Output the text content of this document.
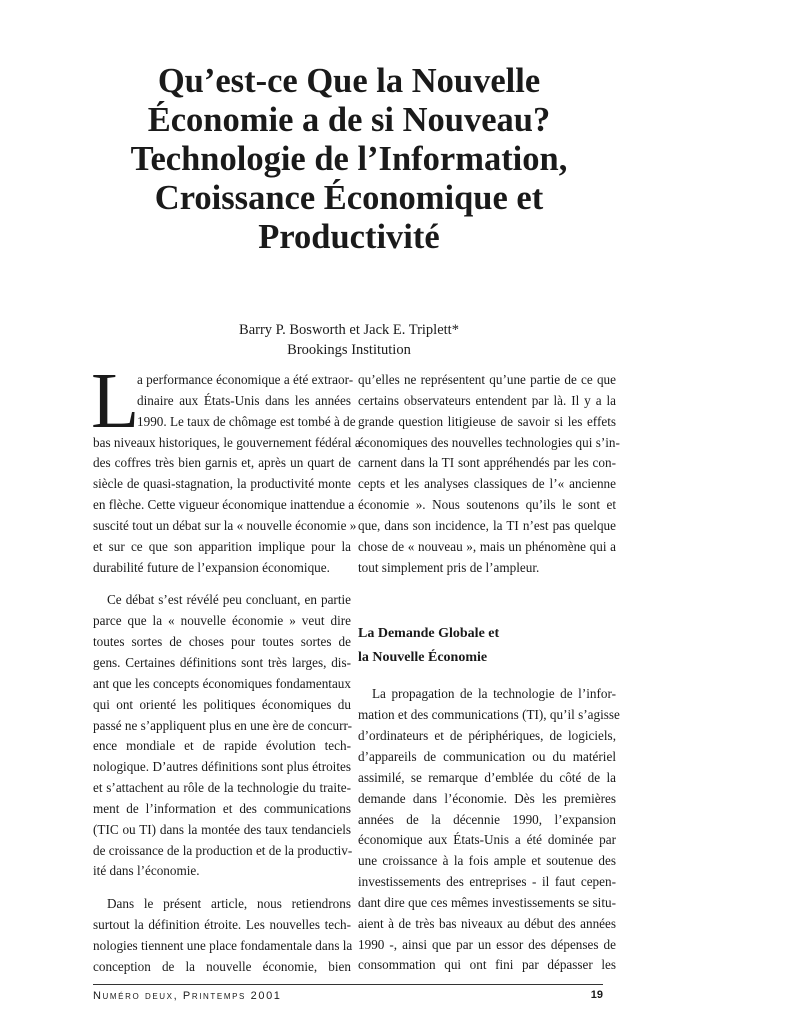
Qu’est-ce Que la Nouvelle
Économie a de si Nouveau?
Technologie de l’Information,
Croissance Économique et
Productivité
Barry P. Bosworth et Jack E. Triplett*
Brookings Institution
L
a performance économique a été extraor-
dinaire aux États-Unis dans les années
1990. Le taux de chômage est tombé à de
bas niveaux historiques, le gouvernement fédéral a
des coffres très bien garnis et, après un quart de
siècle de quasi-stagnation, la productivité monte
en flèche. Cette vigueur économique inattendue a
suscité tout un débat sur la « nouvelle économie »
et sur ce que son apparition implique pour la
durabilité future de l’expansion économique.
Ce débat s’est révélé peu concluant, en partie
parce que la « nouvelle économie » veut dire
toutes sortes de choses pour toutes sortes de
gens. Certaines définitions sont très larges, dis-
ant que les concepts économiques fondamentaux
qui ont orienté les politiques économiques du
passé ne s’appliquent plus en une ère de concurr-
ence mondiale et de rapide évolution tech-
nologique. D’autres définitions sont plus étroites
et s’attachent au rôle de la technologie du traite-
ment de l’information et des communications
(TIC ou TI) dans la montée des taux tendanciels
de croissance de la production et de la productiv-
ité dans l’économie.
Dans le présent article, nous retiendrons
surtout la définition étroite. Les nouvelles tech-
nologies tiennent une place fondamentale dans la
conception de la nouvelle économie, bien
qu’elles ne représentent qu’une partie de ce que
certains observateurs entendent par là. Il y a la
grande question litigieuse de savoir si les effets
économiques des nouvelles technologies qui s’in-
carnent dans la TI sont appréhendés par les con-
cepts et les analyses classiques de l’« ancienne
économie ». Nous soutenons qu’ils le sont et
que, dans son incidence, la TI n’est pas quelque
chose de « nouveau », mais un phénomène qui a
tout simplement pris de l’ampleur.
La Demande Globale et
la Nouvelle Économie
La propagation de la technologie de l’infor-
mation et des communications (TI), qu’il s’agisse
d’ordinateurs et de périphériques, de logiciels,
d’appareils de communication ou du matériel
assimilé, se remarque d’emblée du côté de la
demande dans l’économie. Dès les premières
années de la décennie 1990, l’expansion
économique aux États-Unis a été dominée par
une croissance à la fois ample et soutenue des
investissements des entreprises - il faut cepen-
dant dire que ces mêmes investissements se situ-
aient à de très bas niveaux au début des années
1990 -, ainsi que par un essor des dépenses de
consommation qui ont fini par dépasser les
Numéro deux, Printemps 2001	19
